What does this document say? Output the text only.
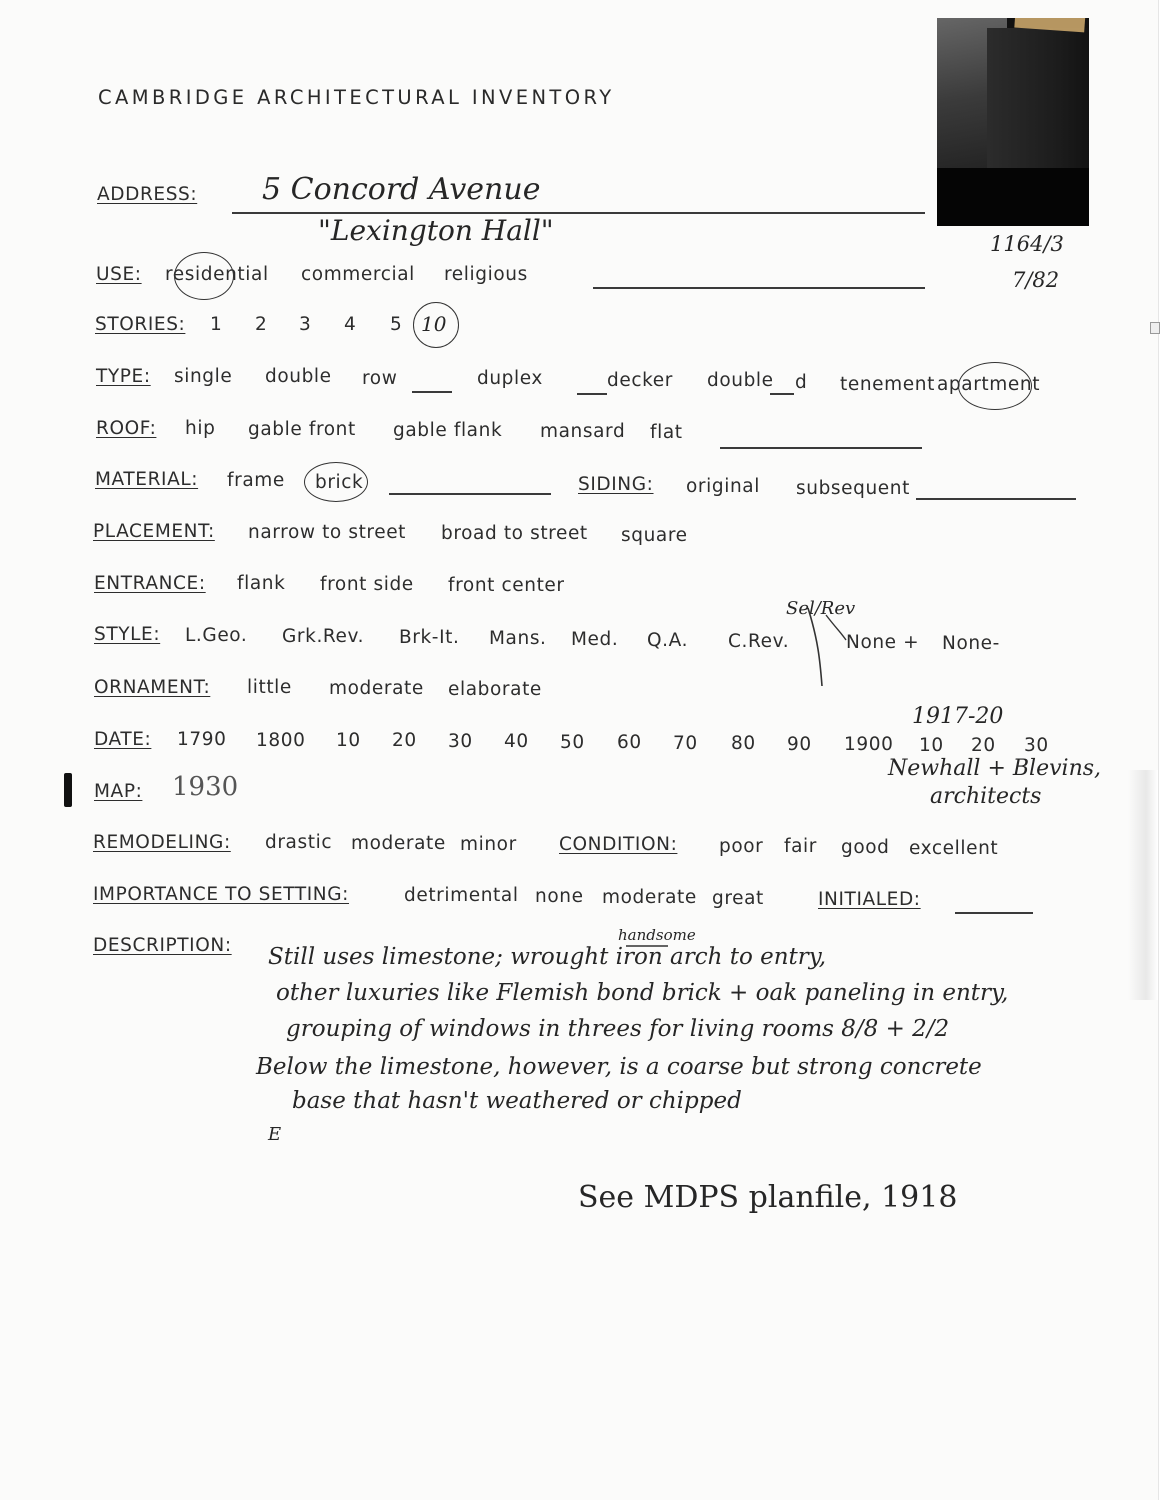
1164/3
7/82
CAMBRIDGE ARCHITECTURAL INVENTORY
ADDRESS: 5 Concord Avenue
"Lexington Hall"
USE: residential commercial religious
STORIES: 1 2 3 4 5 10
TYPE: single double row	duplex	decker double d tenement apartment
ROOF: hip gable front gable flank mansard flat
MATERIAL: frame brick	SIDING: original subsequent
PLACEMENT: narrow to street broad to street square
ENTRANCE: flank front side front center
STYLE: L.Geo. Grk.Rev. Brk-It. Mans. Med. Q.A. C.Rev.	None + None-
Sel/Rev
ORNAMENT: little moderate elaborate
DATE: 1790 1800 10 20 30 40 50 60 70 80 90 1900 10 20 30
1917-20
MAP: 1930
Newhall + Blevins,
architects
REMODELING: drastic moderate minor CONDITION: poor fair good excellent
IMPORTANCE TO SETTING:	detrimental none moderate great	INITIALED:
DESCRIPTION:	handsome
Still uses limestone; wrought iron arch to entry,
other luxuries like Flemish bond brick + oak paneling in entry,
grouping of windows in threes for living rooms 8/8 + 2/2
Below the limestone, however, is a coarse but strong concrete
base that hasn't weathered or chipped
E
See MDPS planfile, 1918
